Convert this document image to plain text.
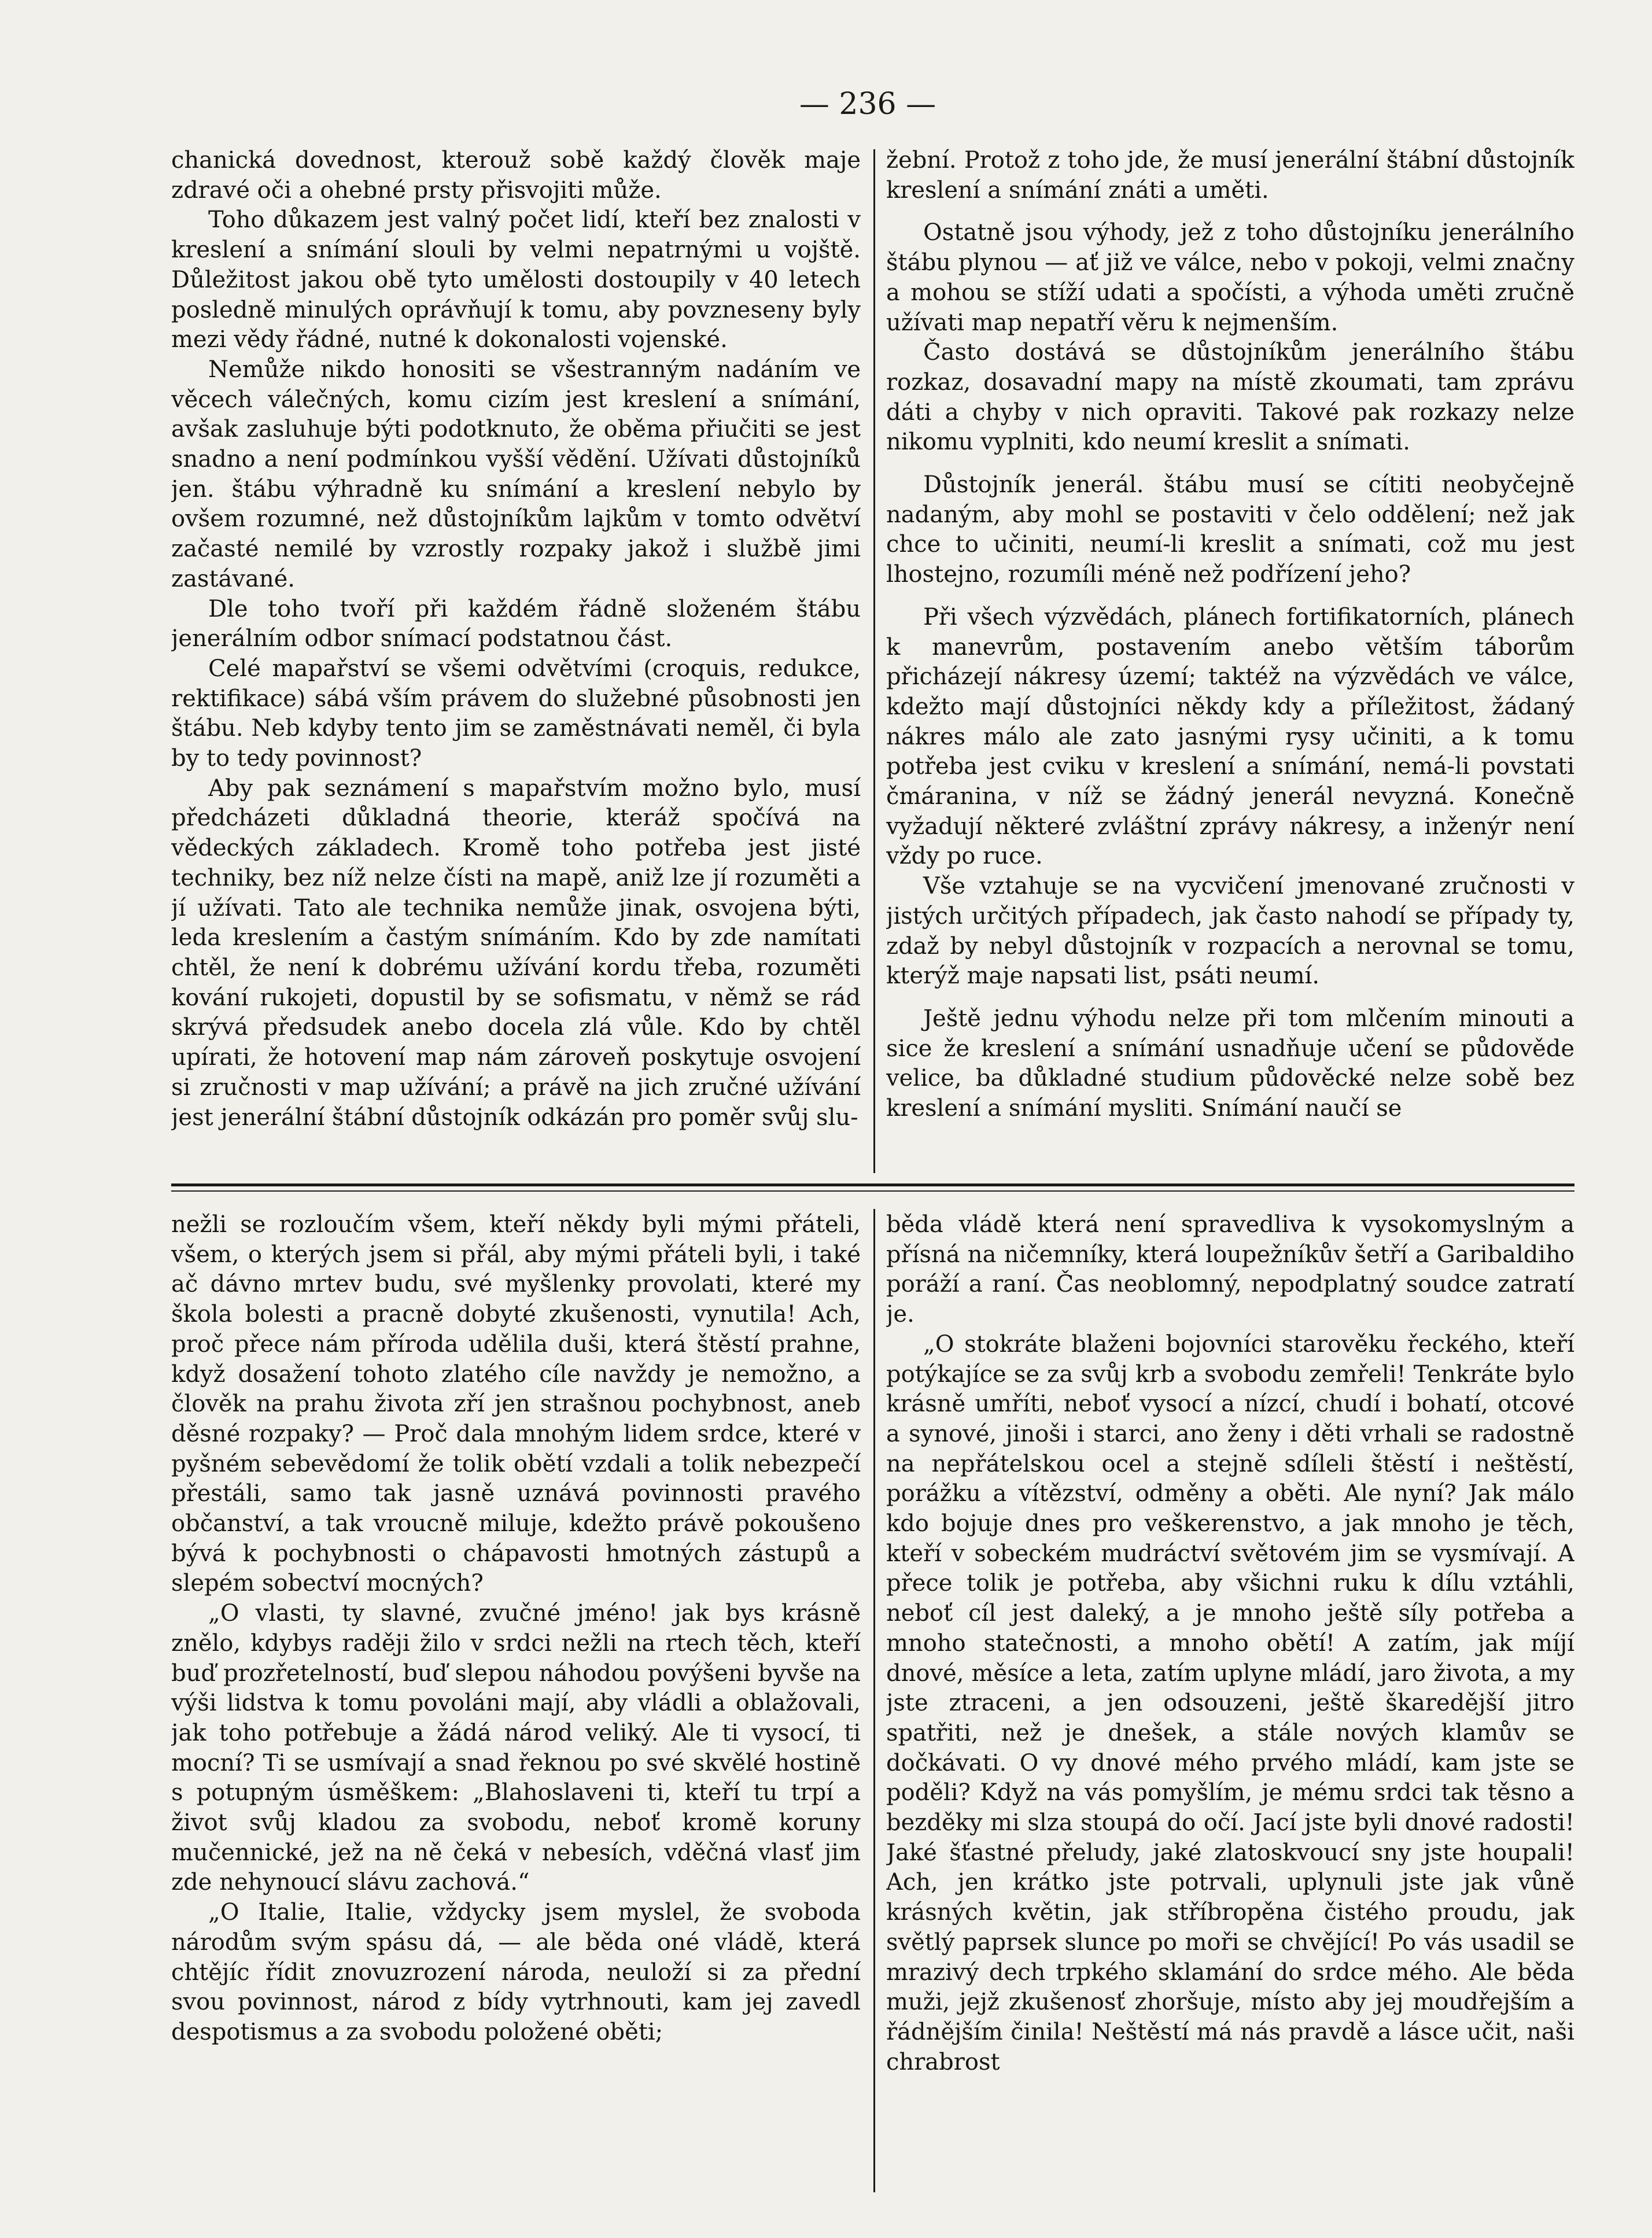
— 236 —

chanická dovednost, kterouž sobě každý člověk maje zdravé oči a ohebné prsty přisvojiti může.

Toho důkazem jest valný počet lidí, kteří bez znalosti v kreslení a snímání slouli by velmi nepatrnými u vojště. Důležitost jakou obě tyto umělosti dostoupily v 40 letech posledně minulých oprávňují k tomu, aby povzneseny byly mezi vědy řádné, nutné k dokonalosti vojenské.

Nemůže nikdo honositi se všestranným nadáním ve věcech válečných, komu cizím jest kreslení a snímání, avšak zasluhuje býti podotknuto, že oběma přiučiti se jest snadno a není podmínkou vyšší vědění. Užívati důstojníků jen. štábu výhradně ku snímání a kreslení nebylo by ovšem rozumné, než důstojníkům lajkům v tomto odvětví začasté nemilé by vzrostly rozpaky jakož i službě jimi zastávané.

Dle toho tvoří při každém řádně složeném štábu jenerálním odbor snímací podstatnou část.

Celé mapařství se všemi odvětvími (croquis, redukce, rektifikace) sábá vším právem do služebné působnosti jen štábu. Neb kdyby tento jim se zaměstnávati neměl, či byla by to tedy povinnost?

Aby pak seznámení s mapařstvím možno bylo, musí předcházeti důkladná theorie, kteráž spočívá na vědeckých základech. Kromě toho potřeba jest jisté techniky, bez níž nelze čísti na mapě, aniž lze jí rozuměti a jí užívati. Tato ale technika nemůže jinak, osvojena býti, leda kreslením a častým snímáním. Kdo by zde namítati chtěl, že není k dobrému užívání kordu třeba, rozuměti kování rukojeti, dopustil by se sofismatu, v němž se rád skrývá předsudek anebo docela zlá vůle. Kdo by chtěl upírati, že hotovení map nám zároveň poskytuje osvojení si zručnosti v map užívání; a právě na jich zručné užívání jest jenerální štábní důstojník odkázán pro poměr svůj slu-

žební. Protož z toho jde, že musí jenerální štábní důstojník kreslení a snímání znáti a uměti.

Ostatně jsou výhody, jež z toho důstojníku jenerálního štábu plynou — ať již ve válce, nebo v pokoji, velmi značny a mohou se stíží udati a spočísti, a výhoda uměti zručně užívati map nepatří věru k nejmenším.

Často dostává se důstojníkům jenerálního štábu rozkaz, dosavadní mapy na místě zkoumati, tam zprávu dáti a chyby v nich opraviti. Takové pak rozkazy nelze nikomu vyplniti, kdo neumí kreslit a snímati.

Důstojník jenerál. štábu musí se cítiti neobyčejně nadaným, aby mohl se postaviti v čelo oddělení; než jak chce to učiniti, neumí-li kreslit a snímati, což mu jest lhostejno, rozumíli méně než podřízení jeho?

Při všech výzvědách, plánech fortifikatorních, plánech k manevrům, postavením anebo větším táborům přicházejí nákresy území; taktéž na výzvědách ve válce, kdežto mají důstojníci někdy kdy a příležitost, žádaný nákres málo ale zato jasnými rysy učiniti, a k tomu potřeba jest cviku v kreslení a snímání, nemá-li povstati čmáranina, v níž se žádný jenerál nevyzná. Konečně vyžadují některé zvláštní zprávy nákresy, a inženýr není vždy po ruce.

Vše vztahuje se na vycvičení jmenované zručnosti v jistých určitých případech, jak často nahodí se případy ty, zdaž by nebyl důstojník v rozpacích a nerovnal se tomu, kterýž maje napsati list, psáti neumí.

Ještě jednu výhodu nelze při tom mlčením minouti a sice že kreslení a snímání usnadňuje učení se půdověde velice, ba důkladné studium půdověcké nelze sobě bez kreslení a snímání mysliti. Snímání naučí se

nežli se rozloučím všem, kteří někdy byli mými přáteli, všem, o kterých jsem si přál, aby mými přáteli byli, i také ač dávno mrtev budu, své myšlenky provolati, které my škola bolesti a pracně dobyté zkušenosti, vynutila! Ach, proč přece nám příroda udělila duši, která štěstí prahne, když dosažení tohoto zlatého cíle navždy je nemožno, a člověk na prahu života zří jen strašnou pochybnost, aneb děsné rozpaky? — Proč dala mnohým lidem srdce, které v pyšném sebevědomí že tolik obětí vzdali a tolik nebezpečí přestáli, samo tak jasně uznává povinnosti pravého občanství, a tak vroucně miluje, kdežto právě pokoušeno bývá k pochybnosti o chápavosti hmotných zástupů a slepém sobectví mocných?

„O vlasti, ty slavné, zvučné jméno! jak bys krásně znělo, kdybys raději žilo v srdci nežli na rtech těch, kteří buď prozřetelností, buď slepou náhodou povýšeni byvše na výši lidstva k tomu povoláni mají, aby vládli a oblažovali, jak toho potřebuje a žádá národ veliký. Ale ti vysocí, ti mocní? Ti se usmívají a snad řeknou po své skvělé hostině s potupným úsměškem: „Blahoslaveni ti, kteří tu trpí a život svůj kladou za svobodu, neboť kromě koruny mučennické, jež na ně čeká v nebesích, vděčná vlasť jim zde nehynoucí slávu zachová.“

„O Italie, Italie, vždycky jsem myslel, že svoboda národům svým spásu dá, — ale běda oné vládě, která chtějíc řídit znovuzrození národa, neuloží si za přední svou povinnost, národ z bídy vytrhnouti, kam jej zavedl despotismus a za svobodu položené oběti;

běda vládě která není spravedliva k vysokomyslným a přísná na ničemníky, která loupežníkův šetří a Garibaldiho poráží a raní. Čas neoblomný, nepodplatný soudce zatratí je.

„O stokráte blaženi bojovníci starověku řeckého, kteří potýkajíce se za svůj krb a svobodu zemřeli! Tenkráte bylo krásně umříti, neboť vysocí a nízcí, chudí i bohatí, otcové a synové, jinoši i starci, ano ženy i děti vrhali se radostně na nepřátelskou ocel a stejně sdíleli štěstí i neštěstí, porážku a vítězství, odměny a oběti. Ale nyní? Jak málo kdo bojuje dnes pro veškerenstvo, a jak mnoho je těch, kteří v sobeckém mudráctví světovém jim se vysmívají. A přece tolik je potřeba, aby všichni ruku k dílu vztáhli, neboť cíl jest daleký, a je mnoho ještě síly potřeba a mnoho statečnosti, a mnoho obětí! A zatím, jak míjí dnové, měsíce a leta, zatím uplyne mládí, jaro života, a my jste ztraceni, a jen odsouzeni, ještě škaredější jitro spatřiti, než je dnešek, a stále nových klamův se dočkávati. O vy dnové mého prvého mládí, kam jste se poděli? Když na vás pomyšlím, je mému srdci tak těsno a bezděky mi slza stoupá do očí. Jací jste byli dnové radosti! Jaké šťastné přeludy, jaké zlatoskvoucí sny jste houpali! Ach, jen krátko jste potrvali, uplynuli jste jak vůně krásných květin, jak stříbropěna čistého proudu, jak světlý paprsek slunce po moři se chvějící! Po vás usadil se mrazivý dech trpkého sklamání do srdce mého. Ale běda muži, jejž zkušenosť zhoršuje, místo aby jej moudřejším a řádnějším činila! Neštěstí má nás pravdě a lásce učit, naši chrabrost
